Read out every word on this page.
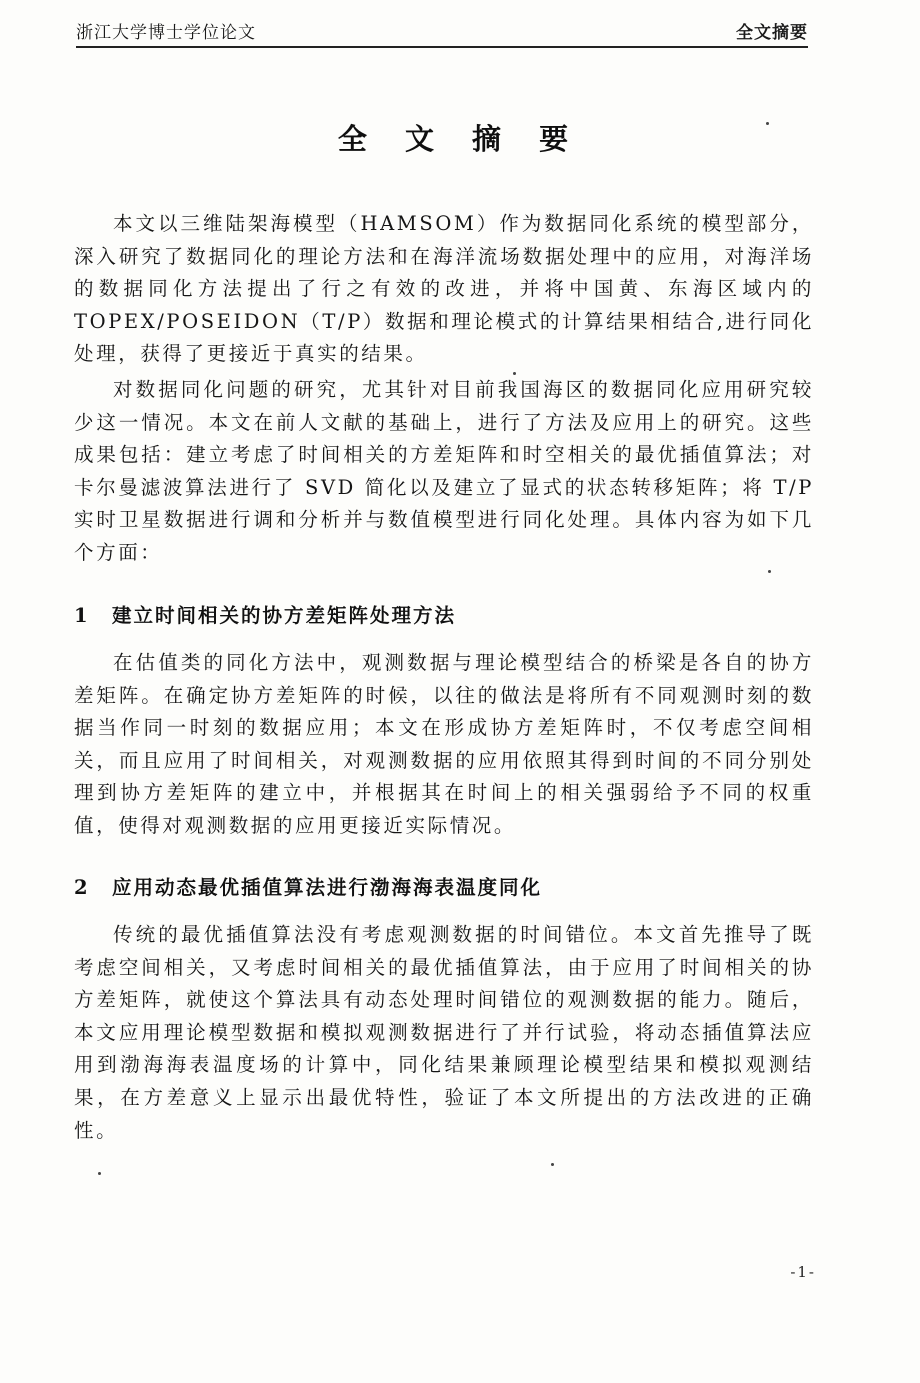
浙江大学博士学位论文	全文摘要
全 文 摘 要

本文以三维陆架海模型（HAMSOM）作为数据同化系统的模型部分，深入研究了数据同化的理论方法和在海洋流场数据处理中的应用，对海洋场的数据同化方法提出了行之有效的改进，并将中国黄、东海区域内的 TOPEX/POSEIDON（T/P）数据和理论模式的计算结果相结合,进行同化处理，获得了更接近于真实的结果。

对数据同化问题的研究，尤其针对目前我国海区的数据同化应用研究较少这一情况。本文在前人文献的基础上，进行了方法及应用上的研究。这些成果包括：建立考虑了时间相关的方差矩阵和时空相关的最优插值算法；对卡尔曼滤波算法进行了 SVD 简化以及建立了显式的状态转移矩阵；将 T/P 实时卫星数据进行调和分析并与数值模型进行同化处理。具体内容为如下几个方面：

1 建立时间相关的协方差矩阵处理方法

在估值类的同化方法中，观测数据与理论模型结合的桥梁是各自的协方差矩阵。在确定协方差矩阵的时候，以往的做法是将所有不同观测时刻的数据当作同一时刻的数据应用；本文在形成协方差矩阵时，不仅考虑空间相关，而且应用了时间相关，对观测数据的应用依照其得到时间的不同分别处理到协方差矩阵的建立中，并根据其在时间上的相关强弱给予不同的权重值，使得对观测数据的应用更接近实际情况。

2 应用动态最优插值算法进行渤海海表温度同化

传统的最优插值算法没有考虑观测数据的时间错位。本文首先推导了既考虑空间相关，又考虑时间相关的最优插值算法，由于应用了时间相关的协方差矩阵，就使这个算法具有动态处理时间错位的观测数据的能力。随后，本文应用理论模型数据和模拟观测数据进行了并行试验，将动态插值算法应用到渤海海表温度场的计算中，同化结果兼顾理论模型结果和模拟观测结果，在方差意义上显示出最优特性，验证了本文所提出的方法改进的正确性。

-1-
